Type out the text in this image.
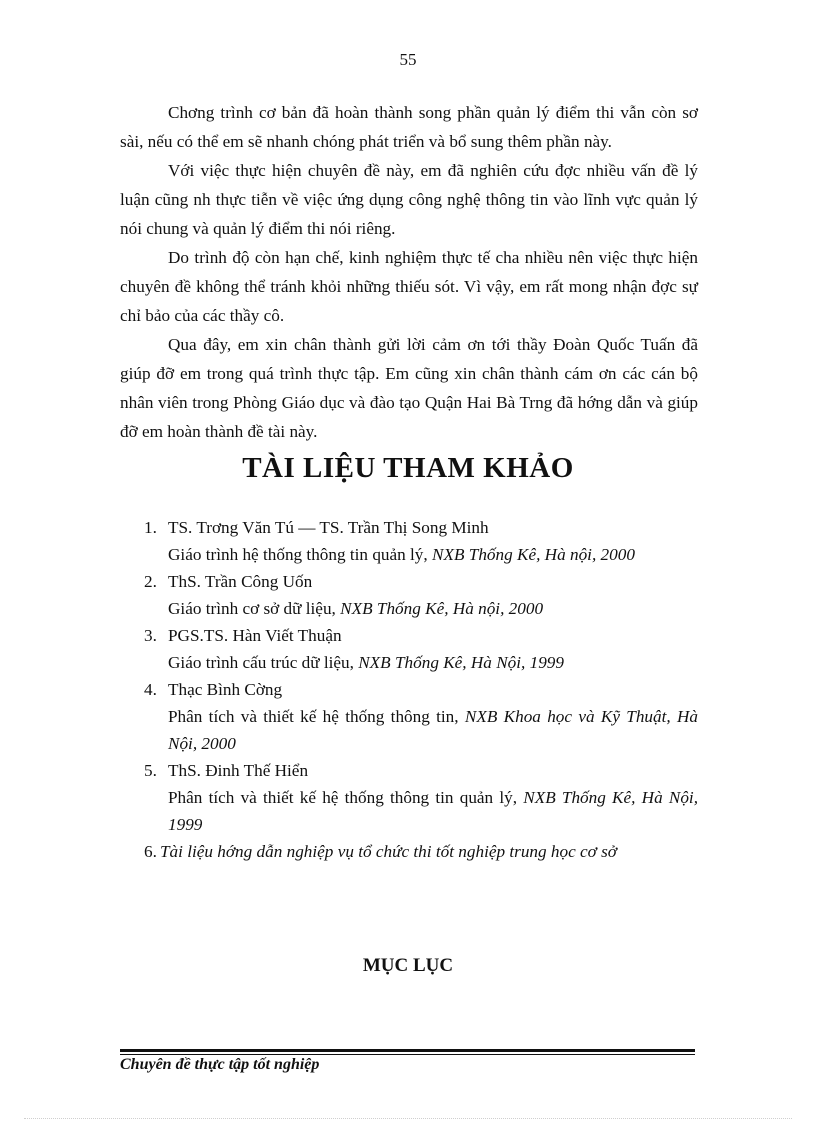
55

Chơng trình cơ bản đã hoàn thành song phần quản lý điểm thi vẫn còn sơ sài, nếu có thể em sẽ nhanh chóng phát triển và bổ sung thêm phần này.

Với việc thực hiện chuyên đề này, em đã nghiên cứu đợc nhiều vấn đề lý luận cũng nh thực tiễn về việc ứng dụng công nghệ thông tin vào lĩnh vực quản lý nói chung và quản lý điểm thi nói riêng.

Do trình độ còn hạn chế, kinh nghiệm thực tế cha nhiều nên việc thực hiện chuyên đề không thể tránh khỏi những thiếu sót. Vì vậy, em rất mong nhận đợc sự chỉ bảo của các thầy cô.

Qua đây, em xin chân thành gửi lời cảm ơn tới thầy Đoàn Quốc Tuấn đã giúp đỡ em trong quá trình thực tập. Em cũng xin chân thành cám ơn các cán bộ nhân viên trong Phòng Giáo dục và đào tạo Quận Hai Bà Trng đã hớng dẫn và giúp đỡ em hoàn thành đề tài này.

TÀI LIỆU THAM KHẢO
1. TS. Trơng Văn Tú — TS. Trần Thị Song Minh
Giáo trình hệ thống thông tin quản lý, NXB Thống Kê, Hà nội, 2000
2. ThS. Trần Công Uốn
Giáo trình cơ sở dữ liệu, NXB Thống Kê, Hà nội, 2000
3. PGS.TS. Hàn Viết Thuận
Giáo trình cấu trúc dữ liệu, NXB Thống Kê, Hà Nội, 1999
4. Thạc Bình Cờng
Phân tích và thiết kế hệ thống thông tin, NXB Khoa học và Kỹ Thuật, Hà Nội, 2000
5. ThS. Đinh Thế Hiển
Phân tích và thiết kế hệ thống thông tin quản lý, NXB Thống Kê, Hà Nội, 1999
6. Tài liệu hớng dẫn nghiệp vụ tổ chức thi tốt nghiệp trung học cơ sở
MỤC LỤC
Chuyên đề thực tập tốt nghiệp
